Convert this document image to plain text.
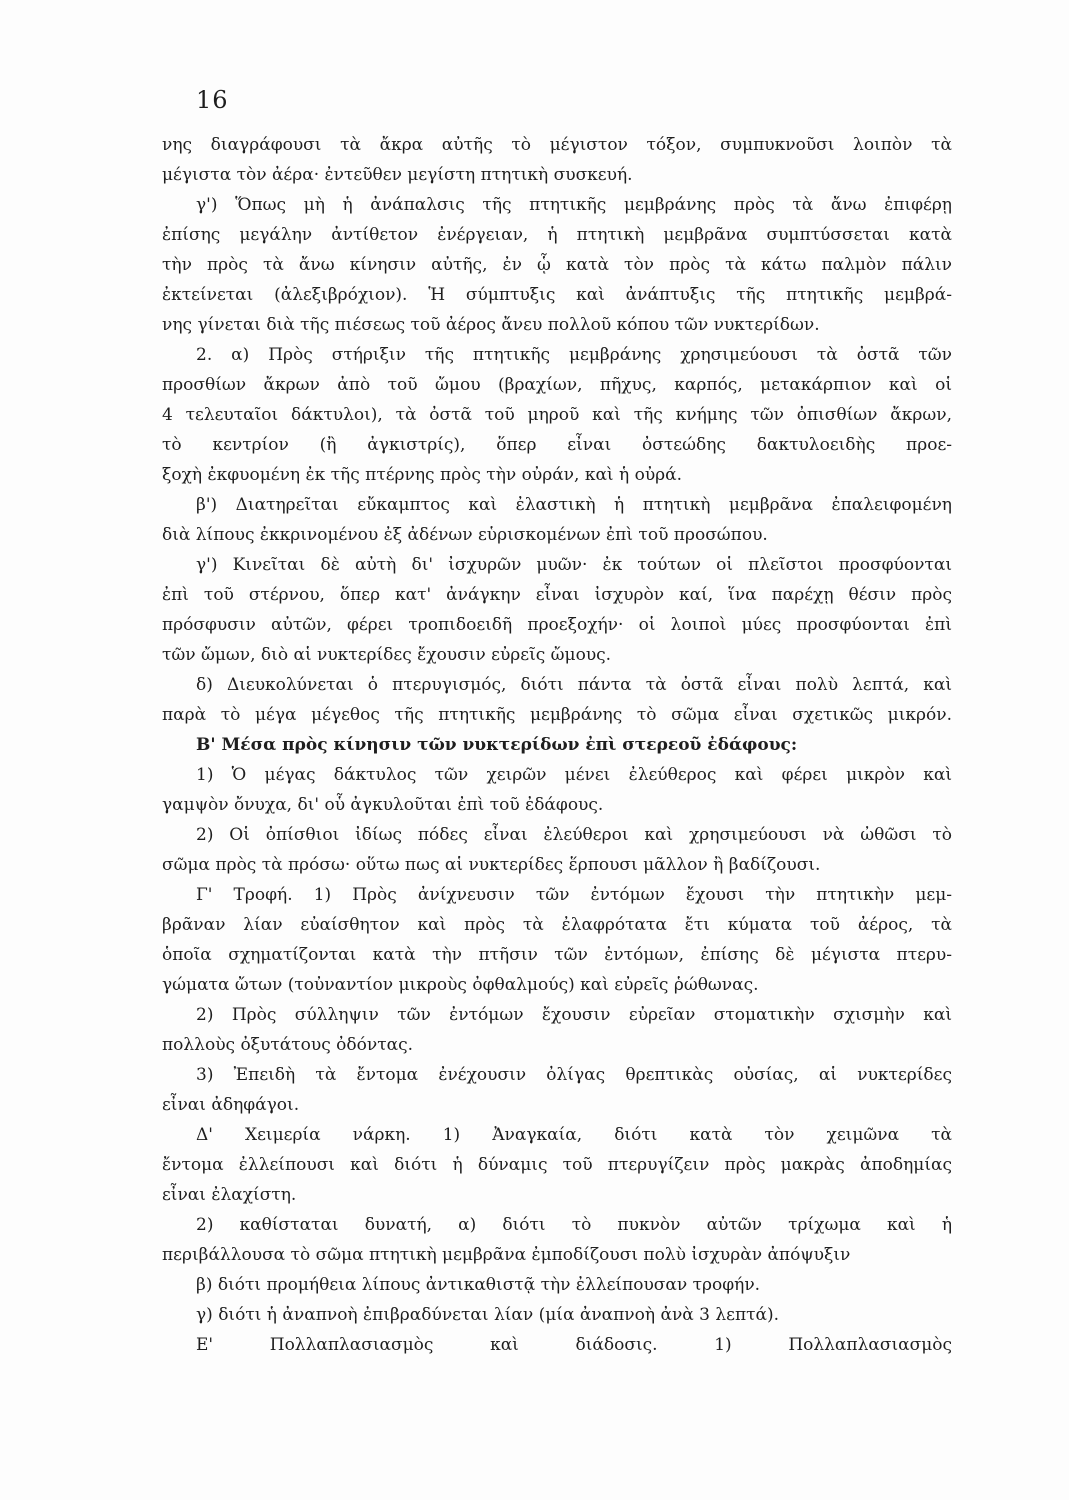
16
νης διαγράφουσι τὰ ἄκρα αὐτῆς τὸ μέγιστον τόξον, συμπυκνοῦσι λοιπὸν τὰ
μέγιστα τὸν ἀέρα· ἐντεῦθεν μεγίστη πτητικὴ συσκευή.
γ') Ὅπως μὴ ἡ ἀνάπαλσις τῆς πτητικῆς μεμβράνης πρὸς τὰ ἄνω ἐπιφέρῃ
ἐπίσης μεγάλην ἀντίθετον ἐνέργειαν, ἡ πτητικὴ μεμβρᾶνα συμπτύσσεται κατὰ
τὴν πρὸς τὰ ἄνω κίνησιν αὐτῆς, ἐν ᾧ κατὰ τὸν πρὸς τὰ κάτω παλμὸν πάλιν
ἐκτείνεται (ἀλεξιβρόχιον). Ἡ σύμπτυξις καὶ ἀνάπτυξις τῆς πτητικῆς μεμβρά-
νης γίνεται διὰ τῆς πιέσεως τοῦ ἀέρος ἄνευ πολλοῦ κόπου τῶν νυκτερίδων.
2. α) Πρὸς στήριξιν τῆς πτητικῆς μεμβράνης χρησιμεύουσι τὰ ὀστᾶ τῶν
προσθίων ἄκρων ἀπὸ τοῦ ὤμου (βραχίων, πῆχυς, καρπός, μετακάρπιον καὶ οἱ
4 τελευταῖοι δάκτυλοι), τὰ ὀστᾶ τοῦ μηροῦ καὶ τῆς κνήμης τῶν ὀπισθίων ἄκρων,
τὸ κεντρίον (ἢ ἀγκιστρίς), ὅπερ εἶναι ὀστεώδης δακτυλοειδὴς προε-
ξοχὴ ἐκφυομένη ἐκ τῆς πτέρνης πρὸς τὴν οὐράν, καὶ ἡ οὐρά.
β') Διατηρεῖται εὔκαμπτος καὶ ἐλαστικὴ ἡ πτητικὴ μεμβρᾶνα ἐπαλειφομένη
διὰ λίπους ἐκκρινομένου ἐξ ἀδένων εὑρισκομένων ἐπὶ τοῦ προσώπου.
γ') Κινεῖται δὲ αὐτὴ δι' ἰσχυρῶν μυῶν· ἐκ τούτων οἱ πλεῖστοι προσφύονται
ἐπὶ τοῦ στέρνου, ὅπερ κατ' ἀνάγκην εἶναι ἰσχυρὸν καί, ἵνα παρέχῃ θέσιν πρὸς
πρόσφυσιν αὐτῶν, φέρει τροπιδοειδῆ προεξοχήν· οἱ λοιποὶ μύες προσφύονται ἐπὶ
τῶν ὤμων, διὸ αἱ νυκτερίδες ἔχουσιν εὐρεῖς ὤμους.
δ) Διευκολύνεται ὁ πτερυγισμός, διότι πάντα τὰ ὀστᾶ εἶναι πολὺ λεπτά, καὶ
παρὰ τὸ μέγα μέγεθος τῆς πτητικῆς μεμβράνης τὸ σῶμα εἶναι σχετικῶς μικρόν.
Β' Μέσα πρὸς κίνησιν τῶν νυκτερίδων ἐπὶ στερεοῦ ἐδάφους:
1) Ὁ μέγας δάκτυλος τῶν χειρῶν μένει ἐλεύθερος καὶ φέρει μικρὸν καὶ
γαμψὸν ὄνυχα, δι' οὗ ἀγκυλοῦται ἐπὶ τοῦ ἐδάφους.
2) Οἱ ὀπίσθιοι ἰδίως πόδες εἶναι ἐλεύθεροι καὶ χρησιμεύουσι νὰ ὠθῶσι τὸ
σῶμα πρὸς τὰ πρόσω· οὕτω πως αἱ νυκτερίδες ἕρπουσι μᾶλλον ἢ βαδίζουσι.
Γ' Τροφή. 1) Πρὸς ἀνίχνευσιν τῶν ἐντόμων ἔχουσι τὴν πτητικὴν μεμ-
βρᾶναν λίαν εὐαίσθητον καὶ πρὸς τὰ ἐλαφρότατα ἔτι κύματα τοῦ ἀέρος, τὰ
ὁποῖα σχηματίζονται κατὰ τὴν πτῆσιν τῶν ἐντόμων, ἐπίσης δὲ μέγιστα πτερυ-
γώματα ὤτων (τοὐναντίον μικροὺς ὀφθαλμούς) καὶ εὐρεῖς ῥώθωνας.
2) Πρὸς σύλληψιν τῶν ἐντόμων ἔχουσιν εὐρεῖαν στοματικὴν σχισμὴν καὶ
πολλοὺς ὀξυτάτους ὀδόντας.
3) Ἐπειδὴ τὰ ἔντομα ἐνέχουσιν ὀλίγας θρεπτικὰς οὐσίας, αἱ νυκτερίδες
εἶναι ἀδηφάγοι.
Δ' Χειμερία νάρκη. 1) Ἀναγκαία, διότι κατὰ τὸν χειμῶνα τὰ
ἔντομα ἐλλείπουσι καὶ διότι ἡ δύναμις τοῦ πτερυγίζειν πρὸς μακρὰς ἀποδημίας
εἶναι ἐλαχίστη.
2) καθίσταται δυνατή, α) διότι τὸ πυκνὸν αὐτῶν τρίχωμα καὶ ἡ
περιβάλλουσα τὸ σῶμα πτητικὴ μεμβρᾶνα ἐμποδίζουσι πολὺ ἰσχυρὰν ἀπόψυξιν
β) διότι προμήθεια λίπους ἀντικαθιστᾷ τὴν ἐλλείπουσαν τροφήν.
γ) διότι ἡ ἀναπνοὴ ἐπιβραδύνεται λίαν (μία ἀναπνοὴ ἀνὰ 3 λεπτά).
Ε' Πολλαπλασιασμὸς καὶ διάδοσις. 1) Πολλαπλασιασμὸς
